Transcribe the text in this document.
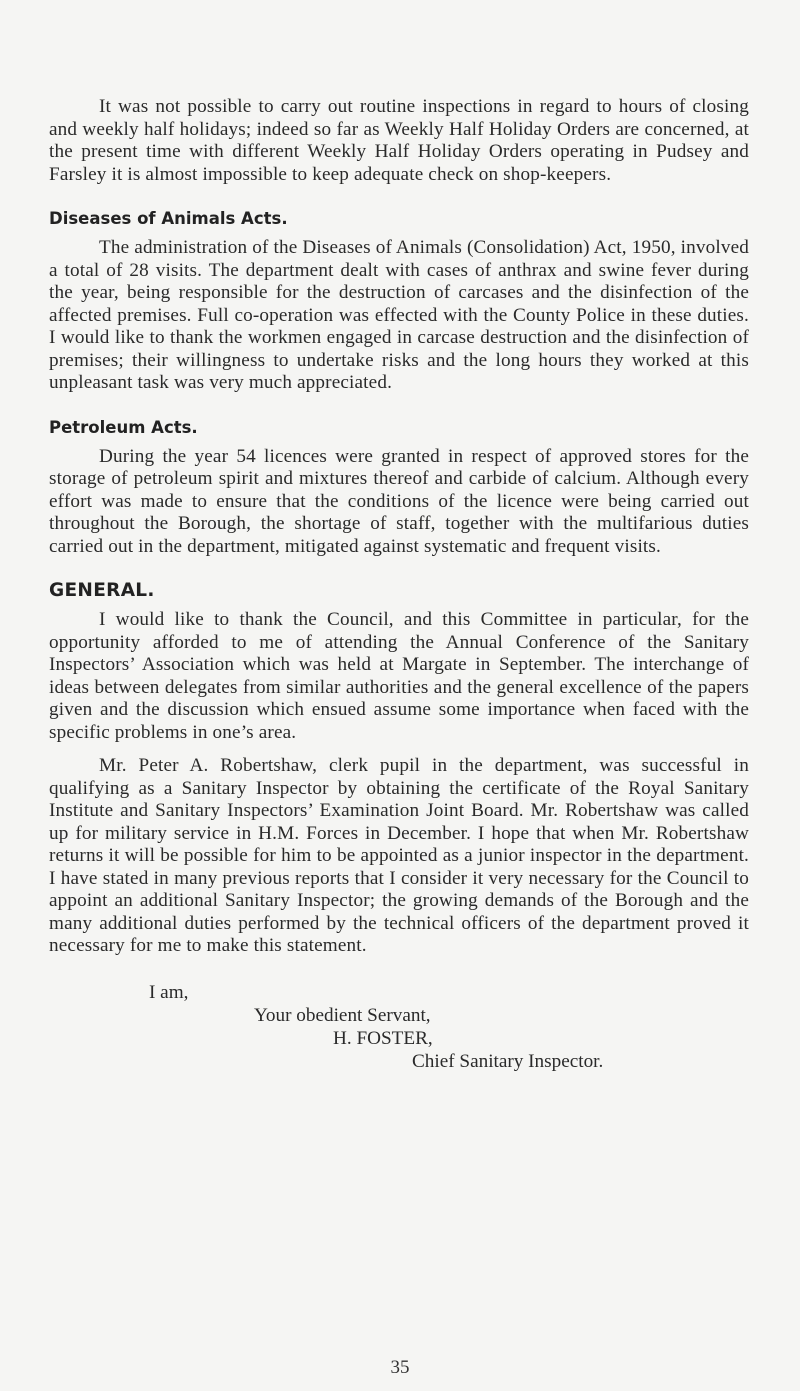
It was not possible to carry out routine inspections in regard to hours of closing and weekly half holidays; indeed so far as Weekly Half Holiday Orders are concerned, at the present time with different Weekly Half Holiday Orders operating in Pudsey and Farsley it is almost impossible to keep adequate check on shop-keepers.

Diseases of Animals Acts.

The administration of the Diseases of Animals (Consolidation) Act, 1950, involved a total of 28 visits. The department dealt with cases of anthrax and swine fever during the year, being responsible for the destruction of carcases and the disinfection of the affected premises. Full co-operation was effected with the County Police in these duties. I would like to thank the workmen engaged in carcase destruction and the disinfection of premises; their willingness to undertake risks and the long hours they worked at this unpleasant task was very much appreciated.

Petroleum Acts.

During the year 54 licences were granted in respect of approved stores for the storage of petroleum spirit and mixtures thereof and carbide of calcium. Although every effort was made to ensure that the conditions of the licence were being carried out throughout the Borough, the shortage of staff, together with the multifarious duties carried out in the department, mitigated against systematic and frequent visits.

GENERAL.

I would like to thank the Council, and this Committee in particular, for the opportunity afforded to me of attending the Annual Conference of the Sanitary Inspectors’ Association which was held at Margate in September. The interchange of ideas between delegates from similar authorities and the general excellence of the papers given and the discussion which ensued assume some importance when faced with the specific problems in one’s area.

Mr. Peter A. Robertshaw, clerk pupil in the department, was successful in qualifying as a Sanitary Inspector by obtaining the certificate of the Royal Sanitary Institute and Sanitary Inspectors’ Examination Joint Board. Mr. Robertshaw was called up for military service in H.M. Forces in December. I hope that when Mr. Robertshaw returns it will be possible for him to be appointed as a junior inspector in the department. I have stated in many previous reports that I consider it very necessary for the Council to appoint an additional Sanitary Inspector; the growing demands of the Borough and the many additional duties performed by the technical officers of the department proved it necessary for me to make this statement.

I am,
Your obedient Servant,
H. FOSTER,
Chief Sanitary Inspector.
35
